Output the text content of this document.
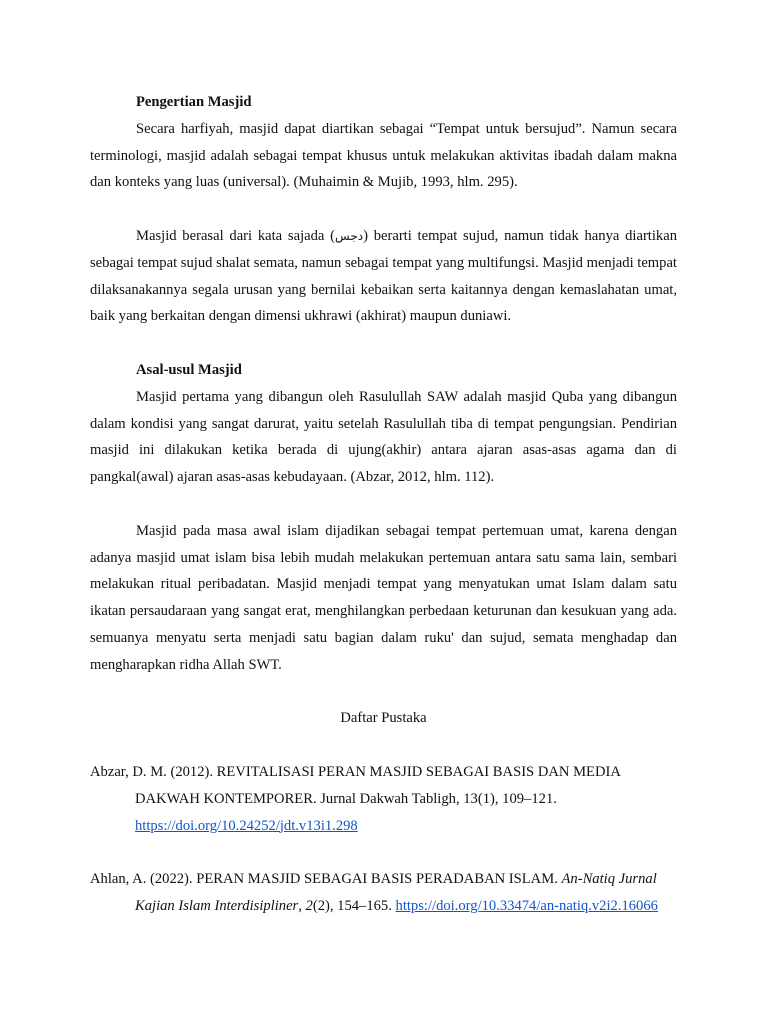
Pengertian Masjid

Secara harfiyah, masjid dapat diartikan sebagai “Tempat untuk bersujud”. Namun secara terminologi, masjid adalah sebagai tempat khusus untuk melakukan aktivitas ibadah dalam makna dan konteks yang luas (universal). (Muhaimin & Mujib, 1993, hlm. 295).

Masjid berasal dari kata sajada (دجس) berarti tempat sujud, namun tidak hanya diartikan sebagai tempat sujud shalat semata, namun sebagai tempat yang multifungsi. Masjid menjadi tempat dilaksanakannya segala urusan yang bernilai kebaikan serta kaitannya dengan kemaslahatan umat, baik yang berkaitan dengan dimensi ukhrawi (akhirat) maupun duniawi.

Asal-usul Masjid

Masjid pertama yang dibangun oleh Rasulullah SAW adalah masjid Quba yang dibangun dalam kondisi yang sangat darurat, yaitu setelah Rasulullah tiba di tempat pengungsian. Pendirian masjid ini dilakukan ketika berada di ujung(akhir) antara ajaran asas-asas agama dan di pangkal(awal) ajaran asas-asas kebudayaan. (Abzar, 2012, hlm. 112).

Masjid pada masa awal islam dijadikan sebagai tempat pertemuan umat, karena dengan adanya masjid umat islam bisa lebih mudah melakukan pertemuan antara satu sama lain, sembari melakukan ritual peribadatan. Masjid menjadi tempat yang menyatukan umat Islam dalam satu ikatan persaudaraan yang sangat erat, menghilangkan perbedaan keturunan dan kesukuan yang ada. semuanya menyatu serta menjadi satu bagian dalam ruku' dan sujud, semata menghadap dan mengharapkan ridha Allah SWT.

Daftar Pustaka

Abzar, D. M. (2012). REVITALISASI PERAN MASJID SEBAGAI BASIS DAN MEDIA DAKWAH KONTEMPORER. Jurnal Dakwah Tabligh, 13(1), 109–121. https://doi.org/10.24252/jdt.v13i1.298

Ahlan, A. (2022). PERAN MASJID SEBAGAI BASIS PERADABAN ISLAM. An-Natiq Jurnal Kajian Islam Interdisipliner, 2(2), 154–165. https://doi.org/10.33474/an-natiq.v2i2.16066
